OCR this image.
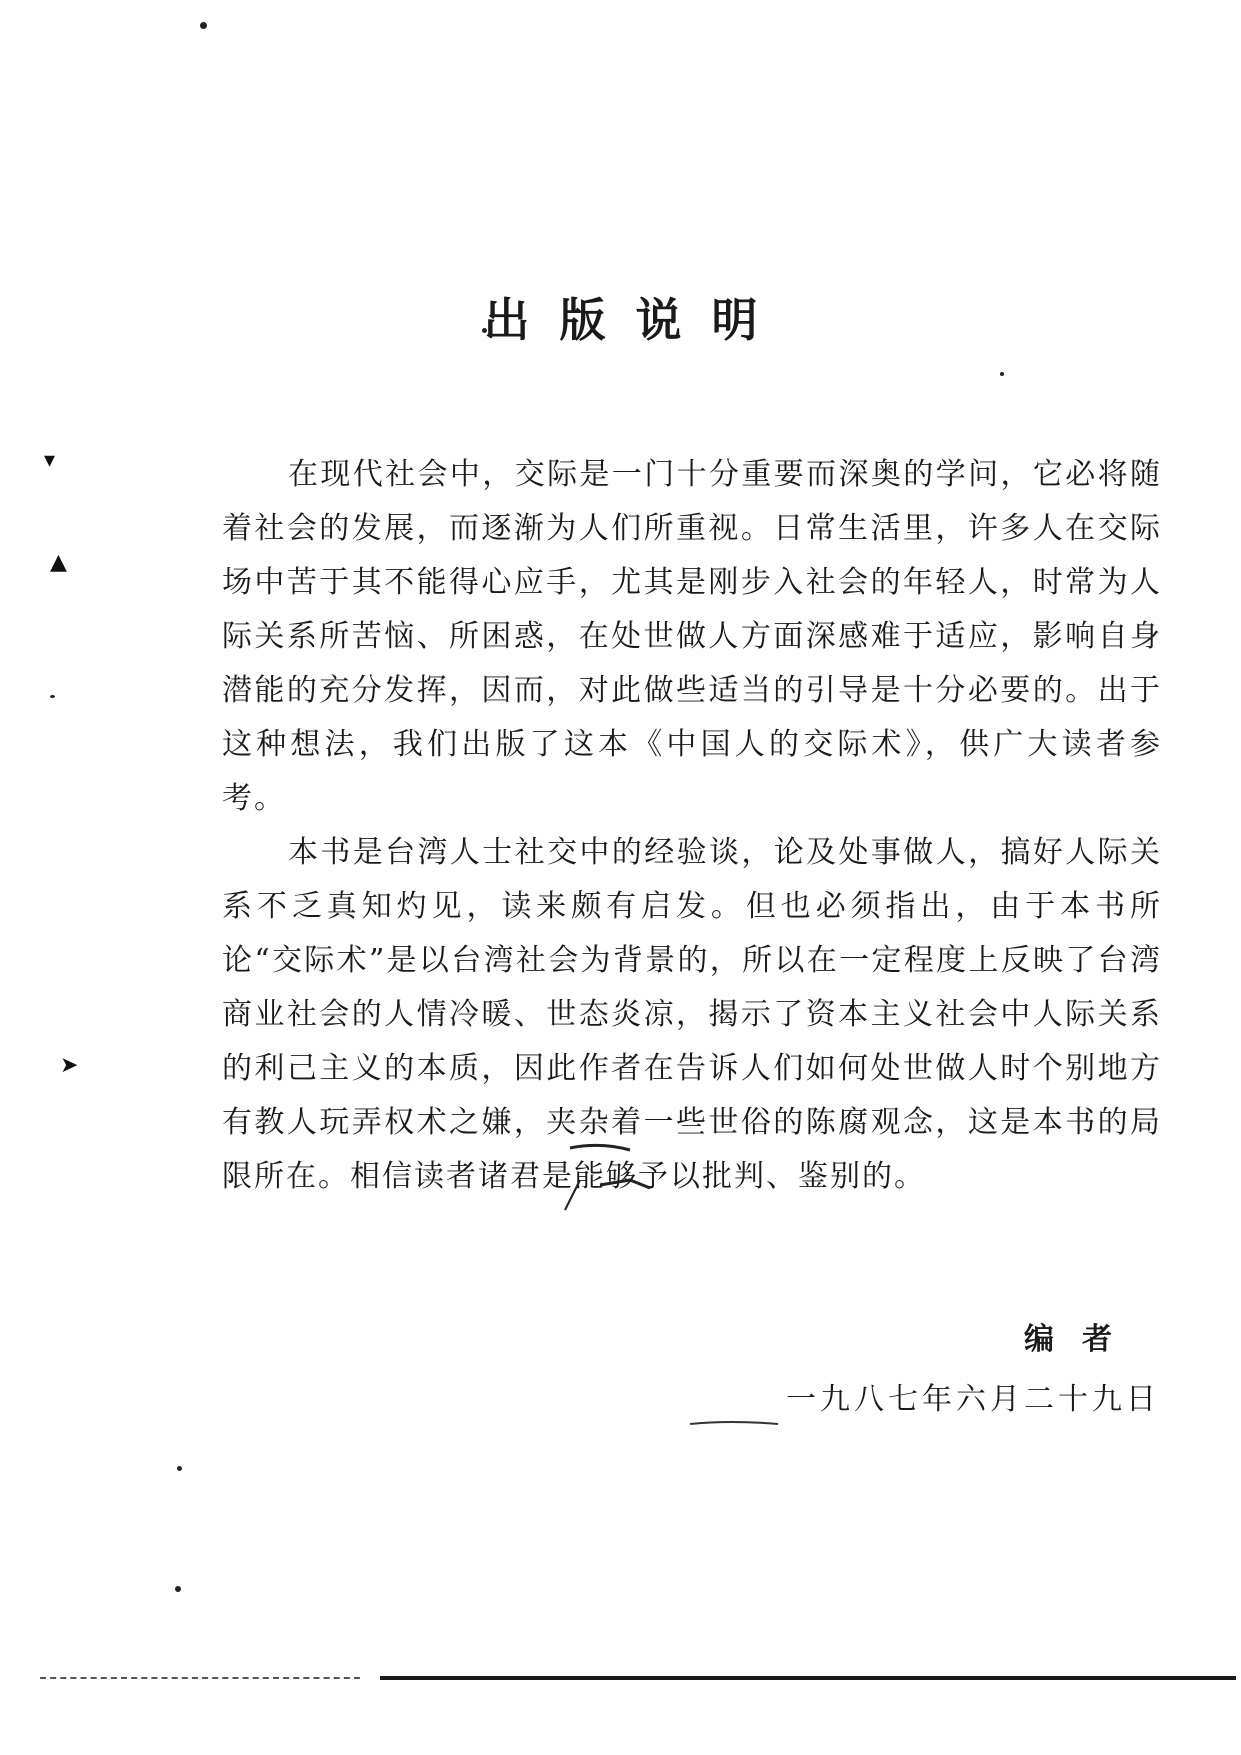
出版说明

在现代社会中，交际是一门十分重要而深奥的学问，它必将随着社会的发展，而逐渐为人们所重视。日常生活里，许多人在交际场中苦于其不能得心应手，尤其是刚步入社会的年轻人，时常为人际关系所苦恼、所困惑，在处世做人方面深感难于适应，影响自身潜能的充分发挥，因而，对此做些适当的引导是十分必要的。出于这种想法，我们出版了这本《中国人的交际术》，供广大读者参考。

本书是台湾人士社交中的经验谈，论及处事做人，搞好人际关系不乏真知灼见，读来颇有启发。但也必须指出，由于本书所论“交际术”是以台湾社会为背景的，所以在一定程度上反映了台湾商业社会的人情冷暖、世态炎凉，揭示了资本主义社会中人际关系的利己主义的本质，因此作者在告诉人们如何处世做人时个别地方有教人玩弄权术之嫌，夹杂着一些世俗的陈腐观念，这是本书的局限所在。相信读者诸君是能够予以批判、鉴别的。

编者
一九八七年六月二十九日
▾
▲
➤
